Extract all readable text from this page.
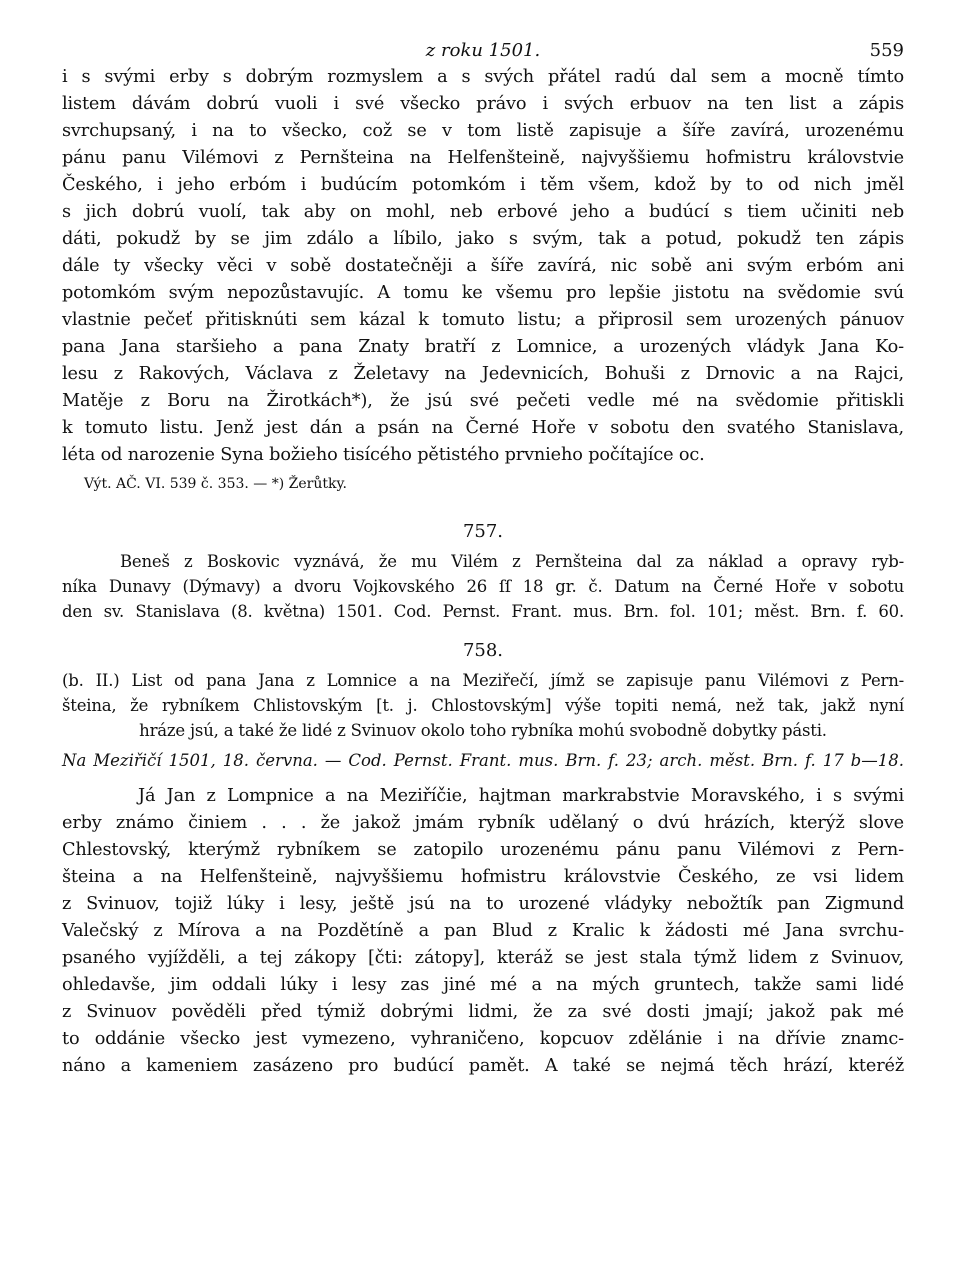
z roku 1501.	559
i s svými erby s dobrým rozmyslem a s svých přátel radú dal sem a mocně tímto
listem dávám dobrú vuoli i své všecko právo i svých erbuov na ten list a zápis
svrchupsaný, i na to všecko, což se v tom listě zapisuje a šíře zavírá, urozenému
pánu panu Vilémovi z Pernšteina na Helfenšteině, najvyššiemu hofmistru královstvie
Českého, i jeho erbóm i budúcím potomkóm i těm všem, kdož by to od nich jměl
s jich dobrú vuolí, tak aby on mohl, neb erbové jeho a budúcí s tiem učiniti neb
dáti, pokudž by se jim zdálo a líbilo, jako s svým, tak a potud, pokudž ten zápis
dále ty všecky věci v sobě dostatečněji a šíře zavírá, nic sobě ani svým erbóm ani
potomkóm svým nepozůstavujíc. A tomu ke všemu pro lepšie jistotu na svědomie svú
vlastnie pečeť přitisknúti sem kázal k tomuto listu; a připrosil sem urozených pánuov
pana Jana staršieho a pana Znaty bratří z Lomnice, a urozených vládyk Jana Ko-
lesu z Rakových, Václava z Želetavy na Jedevnicích, Bohuši z Drnovic a na Rajci,
Matěje z Boru na Žirotkách*), že jsú své pečeti vedle mé na svědomie přitiskli
k tomuto listu. Jenž jest dán a psán na Černé Hoře v sobotu den svatého Stanislava,
léta od narozenie Syna božieho tisícého pětistého prvnieho počítajíce oc.
Výt. AČ. VI. 539 č. 353. — *) Žerůtky.
757.
Beneš z Boskovic vyznává, že mu Vilém z Pernšteina dal za náklad a opravy ryb-
níka Dunavy (Dýmavy) a dvoru Vojkovského 26 ſſ 18 gr. č. Datum na Černé Hoře v sobotu
den sv. Stanislava (8. května) 1501. Cod. Pernst. Frant. mus. Brn. fol. 101; měst. Brn. f. 60.
758.
(b. II.) List od pana Jana z Lomnice a na Meziřečí, jímž se zapisuje panu Vilémovi z Pern-
šteina, že rybníkem Chlistovským [t. j. Chlostovským] výše topiti nemá, než tak, jakž nyní
hráze jsú, a také že lidé z Svinuov okolo toho rybníka mohú svobodně dobytky pásti.
Na Meziřičí 1501, 18. června. — Cod. Pernst. Frant. mus. Brn. f. 23; arch. měst. Brn. f. 17 b—18.
Já Jan z Lompnice a na Meziříčie, hajtman markrabstvie Moravského, i s svými
erby známo činiem . . . že jakož jmám rybník udělaný o dvú hrázích, kterýž slove
Chlestovský, kterýmž rybníkem se zatopilo urozenému pánu panu Vilémovi z Pern-
šteina a na Helfenšteině, najvyššiemu hofmistru královstvie Českého, ze vsi lidem
z Svinuov, tojiž lúky i lesy, ještě jsú na to urozené vládyky nebožtík pan Zigmund
Valečský z Mírova a na Pozdětíně a pan Blud z Kralic k žádosti mé Jana svrchu-
psaného vyjížděli, a tej zákopy [čti: zátopy], kteráž se jest stala týmž lidem z Svinuov,
ohledavše, jim oddali lúky i lesy zas jiné mé a na mých gruntech, takže sami lidé
z Svinuov pověděli před týmiž dobrými lidmi, že za své dosti jmají; jakož pak mé
to oddánie všecko jest vymezeno, vyhraničeno, kopcuov zdělánie i na dřívie znamc-
náno a kameniem zasázeno pro budúcí pamět. A také se nejmá těch hrází, kteréž
